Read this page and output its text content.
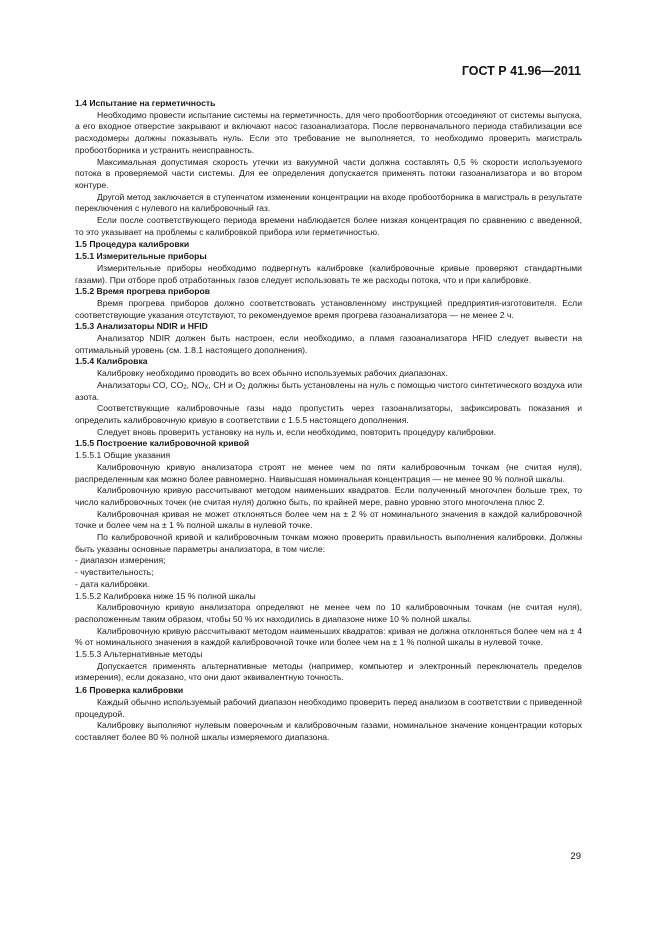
ГОСТ Р 41.96—2011

1.4 Испытание на герметичность

Необходимо провести испытание системы на герметичность, для чего пробоотборник отсоединяют от системы выпуска, а его входное отверстие закрывают и включают насос газоанализатора. После первоначального периода стабилизации все расходомеры должны показывать нуль. Если это требование не выполняется, то необходимо проверить магистраль пробоотборника и устранить неисправность.

Максимальная допустимая скорость утечки из вакуумной части должна составлять 0,5 % скорости используемого потока в проверяемой части системы. Для ее определения допускается применять потоки газоанализатора и во втором контуре.

Другой метод заключается в ступенчатом изменении концентрации на входе пробоотборника в магистраль в результате переключения с нулевого на калибровочный газ.

Если после соответствующего периода времени наблюдается более низкая концентрация по сравнению с введенной, то это указывает на проблемы с калибровкой прибора или герметичностью.

1.5 Процедура калибровки

1.5.1 Измерительные приборы

Измерительные приборы необходимо подвергнуть калибровке (калибровочные кривые проверяют стандартными газами). При отборе проб отработанных газов следует использовать те же расходы потока, что и при калибровке.

1.5.2 Время прогрева приборов

Время прогрева приборов должно соответствовать установленному инструкцией предприятия-изготовителя. Если соответствующие указания отсутствуют, то рекомендуемое время прогрева газоанализатора — не менее 2 ч.

1.5.3 Анализаторы NDIR и HFID

Анализатор NDIR должен быть настроен, если необходимо, а пламя газоанализатора HFID следует вывести на оптимальный уровень (см. 1.8.1 настоящего дополнения).

1.5.4 Калибровка

Калибровку необходимо проводить во всех обычно используемых рабочих диапазонах.

Анализаторы CO, $CO_2$, $NO_X$, CH и $O_2$ должны быть установлены на нуль с помощью чистого синтетического воздуха или азота.

Соответствующие калибровочные газы надо пропустить через газоанализаторы, зафиксировать показания и определить калибровочную кривую в соответствии с 1.5.5 настоящего дополнения.

Следует вновь проверить установку на нуль и, если необходимо, повторить процедуру калибровки.

1.5.5 Построение калибровочной кривой

1.5.5.1 Общие указания

Калибровочную кривую анализатора строят не менее чем по пяти калибровочным точкам (не считая нуля), распределенным как можно более равномерно. Наивысшая номинальная концентрация — не менее 90 % полной шкалы.

Калибровочную кривую рассчитывают методом наименьших квадратов. Если полученный многочлен больше трех, то число калибровочных точек (не считая нуля) должно быть, по крайней мере, равно уровню этого многочлена плюс 2.

Калибровочная кривая не может отклоняться более чем на ± 2 % от номинального значения в каждой калибровочной точке и более чем на ± 1 % полной шкалы в нулевой точке.

По калибровочной кривой и калибровочным точкам можно проверить правильность выполнения калибровки. Должны быть указаны основные параметры анализатора, в том числе:

- диапазон измерения;

- чувствительность;

- дата калибровки.

1.5.5.2 Калибровка ниже 15 % полной шкалы

Калибровочную кривую анализатора определяют не менее чем по 10 калибровочным точкам (не считая нуля), расположенным таким образом, чтобы 50 % их находились в диапазоне ниже 10 % полной шкалы.

Калибровочную кривую рассчитывают методом наименьших квадратов: кривая не должна отклоняться более чем на ± 4 % от номинального значения в каждой калибровочной точке или более чем на ± 1 % полной шкалы в нулевой точке.

1.5.5.3 Альтернативные методы

Допускается применять альтернативные методы (например, компьютер и электронный переключатель пределов измерения), если доказано, что они дают эквивалентную точность.

1.6 Проверка калибровки

Каждый обычно используемый рабочий диапазон необходимо проверить перед анализом в соответствии с приведенной процедурой.

Калибровку выполняют нулевым поверочным и калибровочным газами, номинальное значение концентрации которых составляет более 80 % полной шкалы измеряемого диапазона.

29
